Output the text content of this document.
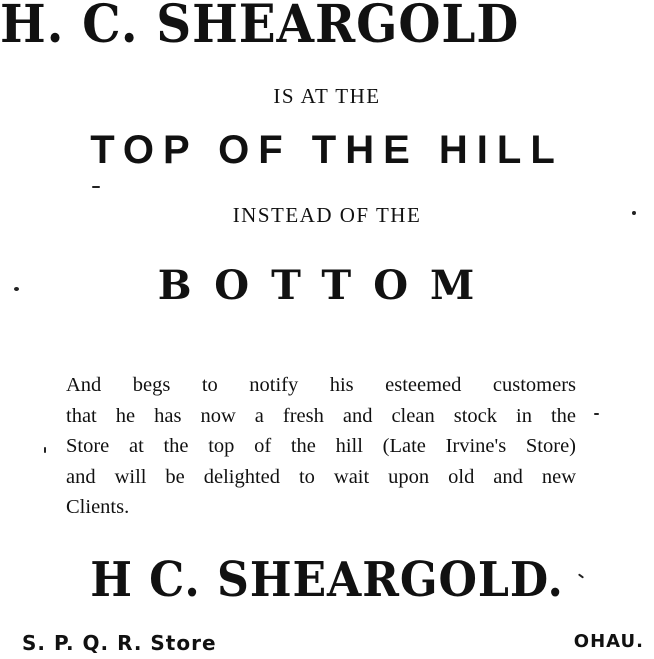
H. C. SHEARGOLD
IS AT THE
TOP OF THE HILL
INSTEAD OF THE
BOTTOM
And begs to notify his esteemed customers
that he has now a fresh and clean stock in the
Store at the top of the hill (Late Irvine's Store)
and will be delighted to wait upon old and new
Clients.
H C. SHEARGOLD.
S. P. Q. R. Store	OHAU.
